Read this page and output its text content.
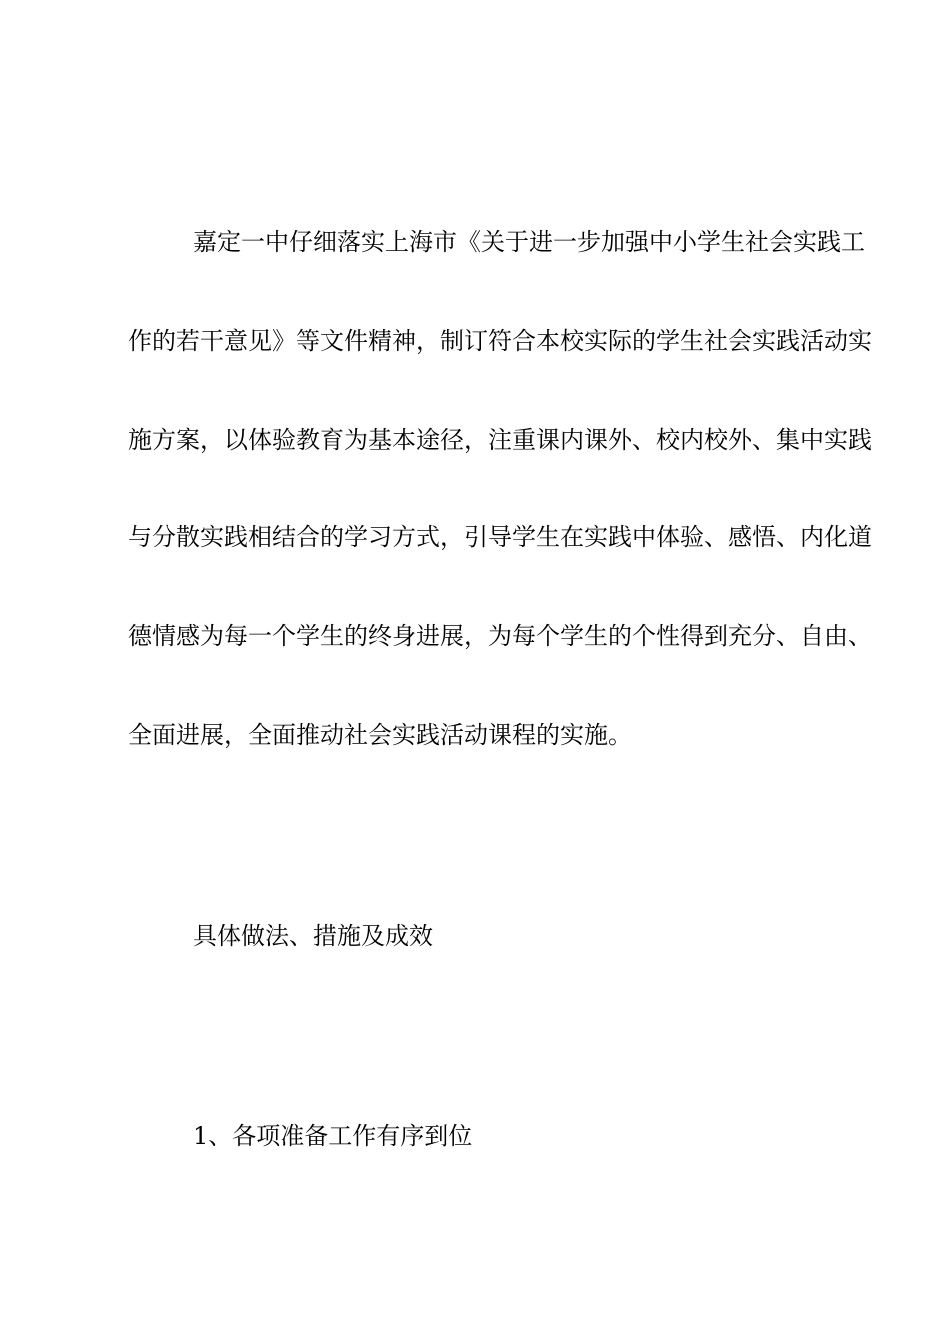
嘉定一中仔细落实上海市《关于进一步加强中小学生社会实践工
作的若干意见》等文件精神，制订符合本校实际的学生社会实践活动实
施方案，以体验教育为基本途径，注重课内课外、校内校外、集中实践
与分散实践相结合的学习方式，引导学生在实践中体验、感悟、内化道
德情感为每一个学生的终身进展，为每个学生的个性得到充分、自由、
全面进展，全面推动社会实践活动课程的实施。
具体做法、措施及成效
1、各项准备工作有序到位
